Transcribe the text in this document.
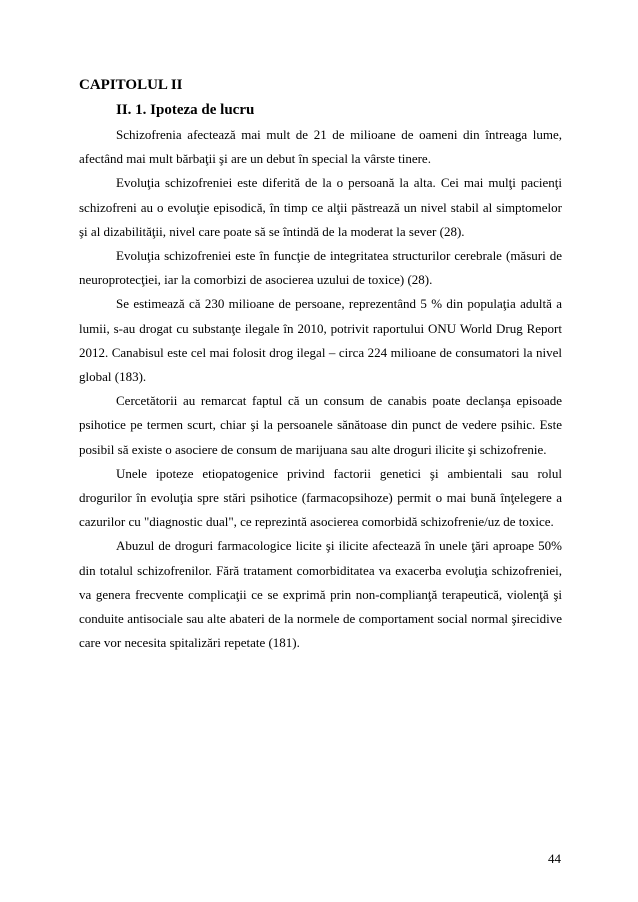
CAPITOLUL II
II. 1. Ipoteza de lucru

Schizofrenia afectează mai mult de 21 de milioane de oameni din întreaga lume, afectând mai mult bărbaţii şi are un debut în special la vârste tinere.

Evoluţia schizofreniei este diferită de la o persoană la alta. Cei mai mulţi pacienţi schizofreni au o evoluţie episodică, în timp ce alţii păstrează un nivel stabil al simptomelor şi al dizabilităţii, nivel care poate să se întindă de la moderat la sever (28).

Evoluţia schizofreniei este în funcţie de integritatea structurilor cerebrale (măsuri de neuroprotecţiei, iar la comorbizi de asocierea uzului de toxice) (28).

Se estimează că 230 milioane de persoane, reprezentând 5 % din populaţia adultă a lumii, s-au drogat cu substanţe ilegale în 2010, potrivit raportului ONU World Drug Report 2012. Canabisul este cel mai folosit drog ilegal – circa 224 milioane de consumatori la nivel global (183).

Cercetătorii au remarcat faptul că un consum de canabis poate declanşa episoade psihotice pe termen scurt, chiar şi la persoanele sănătoase din punct de vedere psihic. Este posibil să existe o asociere de consum de marijuana sau alte droguri ilicite şi schizofrenie.

Unele ipoteze etiopatogenice privind factorii genetici şi ambientali sau rolul drogurilor în evoluţia spre stări psihotice (farmacopsihoze) permit o mai bună înţelegere a cazurilor cu "diagnostic dual", ce reprezintă asocierea comorbidă schizofrenie/uz de toxice.

Abuzul de droguri farmacologice licite şi ilicite afectează în unele ţări aproape 50% din totalul schizofrenilor. Fără tratament comorbiditatea va exacerba evoluţia schizofreniei, va genera frecvente complicaţii ce se exprimă prin non-complianţă terapeutică, violenţă şi conduite antisociale sau alte abateri de la normele de comportament social normal şirecidive care vor necesita spitalizări repetate (181).

44
